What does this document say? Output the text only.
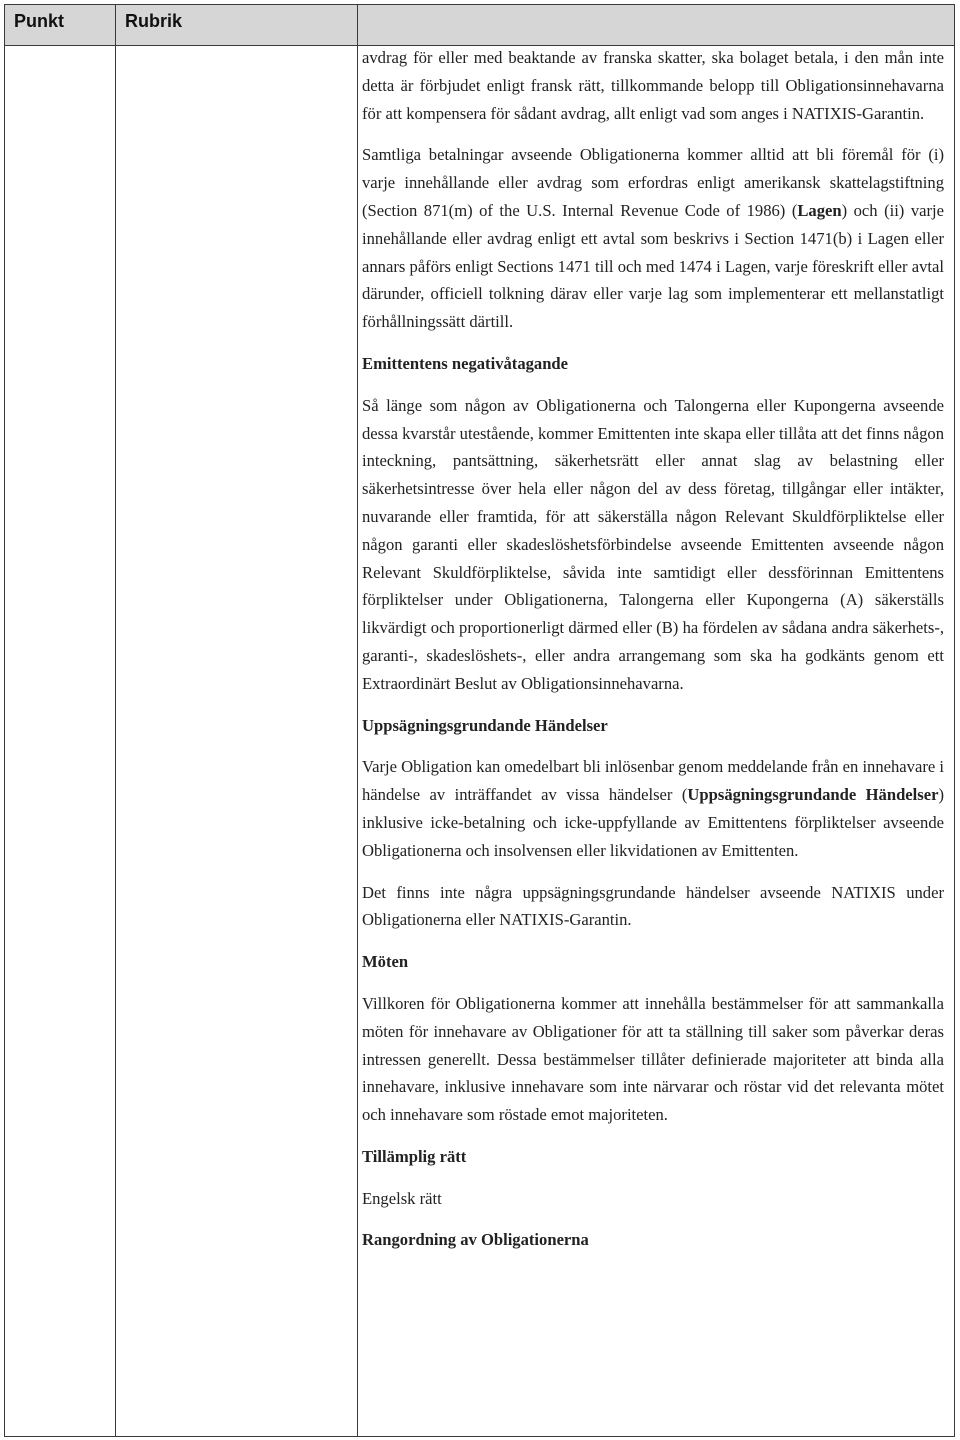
Punkt	Rubrik

avdrag för eller med beaktande av franska skatter, ska bolaget betala, i den mån inte detta är förbjudet enligt fransk rätt, tillkommande belopp till Obligationsinnehavarna för att kompensera för sådant avdrag, allt enligt vad som anges i NATIXIS-Garantin.

Samtliga betalningar avseende Obligationerna kommer alltid att bli föremål för (i) varje innehållande eller avdrag som erfordras enligt amerikansk skattelagstiftning (Section 871(m) of the U.S. Internal Revenue Code of 1986) (Lagen) och (ii) varje innehållande eller avdrag enligt ett avtal som beskrivs i Section 1471(b) i Lagen eller annars påförs enligt Sections 1471 till och med 1474 i Lagen, varje föreskrift eller avtal därunder, officiell tolkning därav eller varje lag som implementerar ett mellanstatligt förhållningssätt därtill.

Emittentens negativåtagande

Så länge som någon av Obligationerna och Talongerna eller Kupongerna avseende dessa kvarstår utestående, kommer Emittenten inte skapa eller tillåta att det finns någon inteckning, pantsättning, säkerhetsrätt eller annat slag av belastning eller säkerhetsintresse över hela eller någon del av dess företag, tillgångar eller intäkter, nuvarande eller framtida, för att säkerställa någon Relevant Skuldförpliktelse eller någon garanti eller skadeslöshetsförbindelse avseende Emittenten avseende någon Relevant Skuldförpliktelse, såvida inte samtidigt eller dessförinnan Emittentens förpliktelser under Obligationerna, Talongerna eller Kupongerna (A) säkerställs likvärdigt och proportionerligt därmed eller (B) ha fördelen av sådana andra säkerhets-, garanti-, skadeslöshets-, eller andra arrangemang som ska ha godkänts genom ett Extraordinärt Beslut av Obligationsinnehavarna.

Uppsägningsgrundande Händelser

Varje Obligation kan omedelbart bli inlösenbar genom meddelande från en innehavare i händelse av inträffandet av vissa händelser (Uppsägningsgrundande Händelser) inklusive icke-betalning och icke-uppfyllande av Emittentens förpliktelser avseende Obligationerna och insolvensen eller likvidationen av Emittenten.

Det finns inte några uppsägningsgrundande händelser avseende NATIXIS under Obligationerna eller NATIXIS-Garantin.

Möten

Villkoren för Obligationerna kommer att innehålla bestämmelser för att sammankalla möten för innehavare av Obligationer för att ta ställning till saker som påverkar deras intressen generellt. Dessa bestämmelser tillåter definierade majoriteter att binda alla innehavare, inklusive innehavare som inte närvarar och röstar vid det relevanta mötet och innehavare som röstade emot majoriteten.

Tillämplig rätt

Engelsk rätt

Rangordning av Obligationerna
